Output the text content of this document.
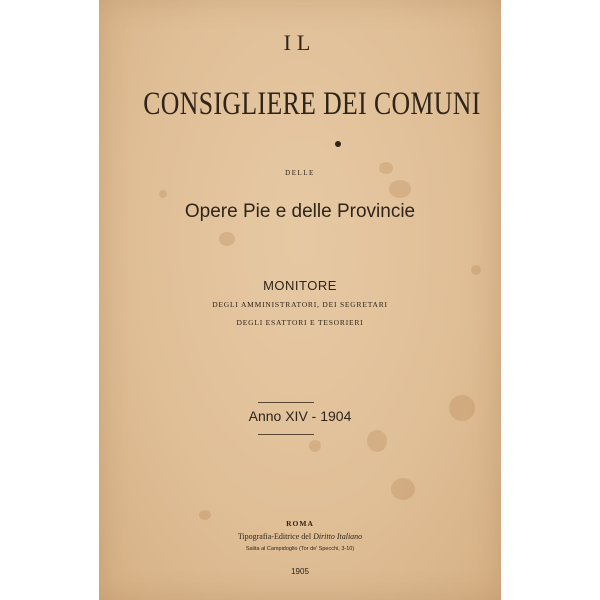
IL
CONSIGLIERE DEI COMUNI
DELLE
Opere Pie e delle Provincie
MONITORE
DEGLI AMMINISTRATORI, DEI SEGRETARI
DEGLI ESATTORI E TESORIERI
Anno XIV - 1904
ROMA
Tipografia-Editrice del Diritto Italiano
Salita al Campidoglio (Tor de' Specchi, 3-10)
1905
